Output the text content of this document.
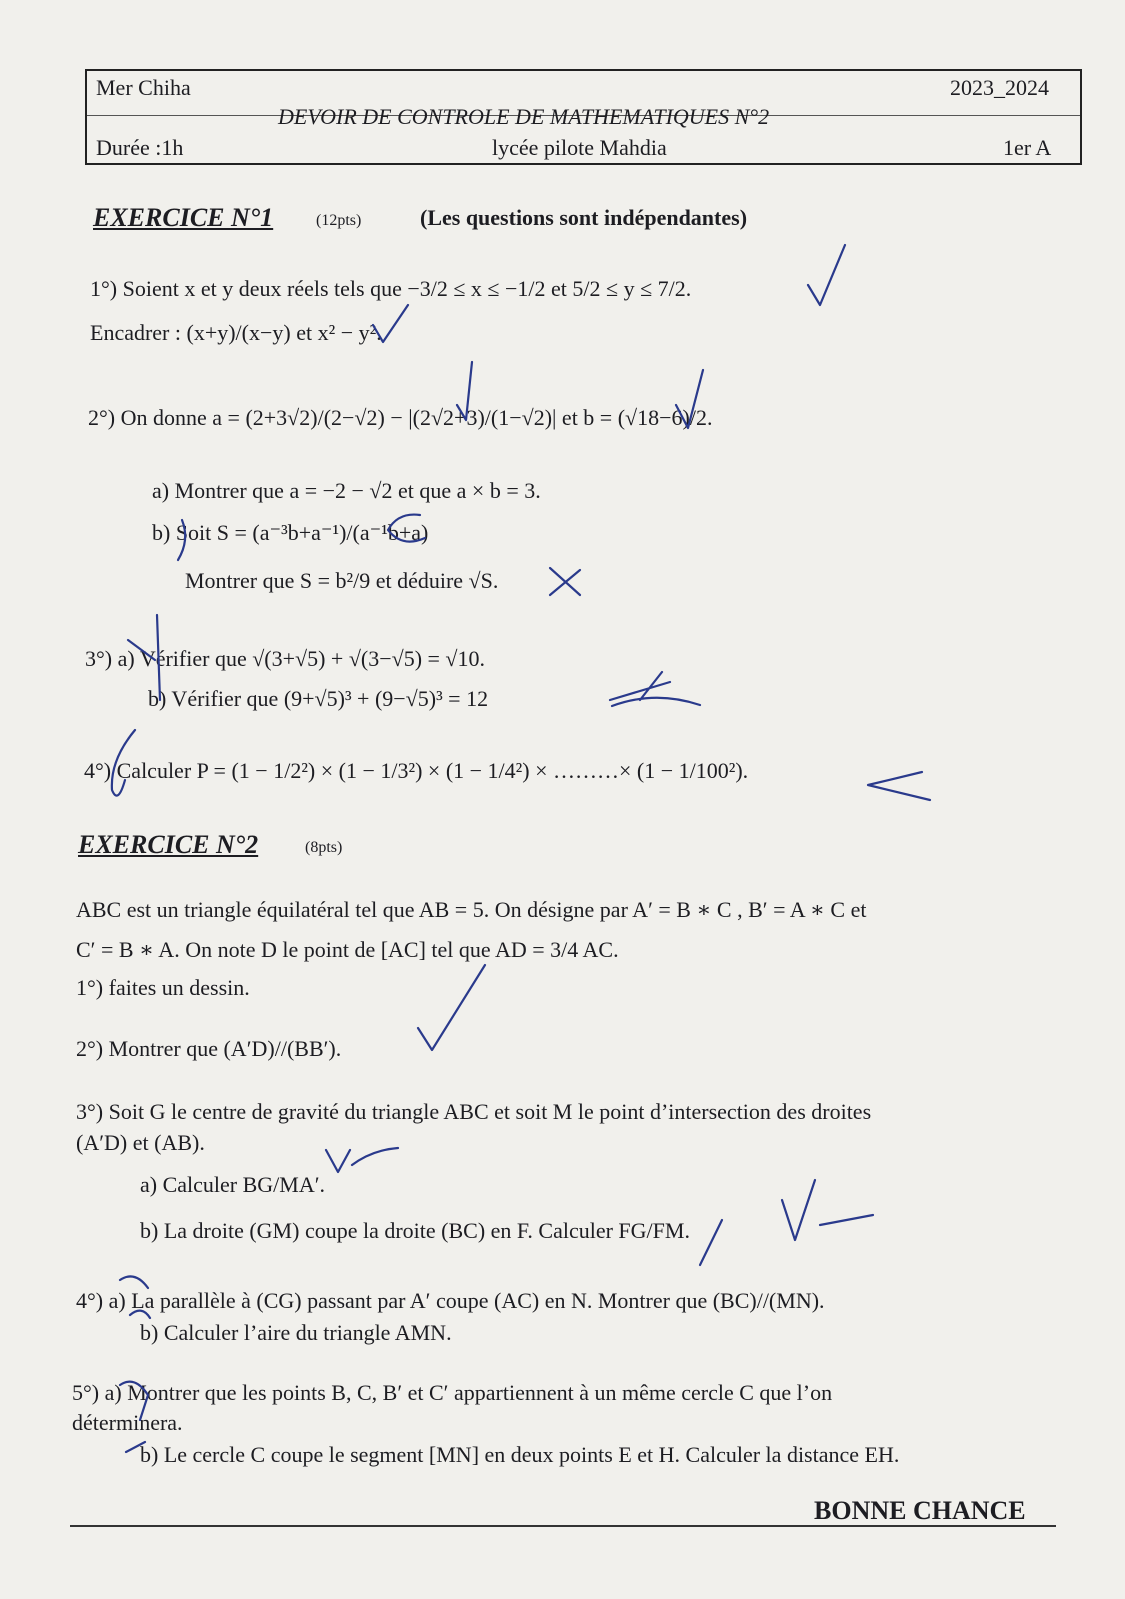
Mer Chiha	2023_2024
DEVOIR DE CONTROLE DE MATHEMATIQUES N°2
Durée :1h	lycée pilote Mahdia	1er A
EXERCICE N°1	(12pts)	(Les questions sont indépendantes)
1°) Soient x et y deux réels tels que −3/2 ≤ x ≤ −1/2 et 5/2 ≤ y ≤ 7/2.
Encadrer : (x+y)/(x−y) et x² − y².
2°) On donne a = (2+3√2)/(2−√2) − |(2√2+3)/(1−√2)| et b = (√18−6)/2.
a) Montrer que a = −2 − √2 et que a × b = 3.
b) Soit S = (a⁻³b+a⁻¹)/(a⁻¹b+a)
Montrer que S = b²/9 et déduire √S.
3°) a) Vérifier que √(3+√5) + √(3−√5) = √10.
b) Vérifier que (9+√5)³ + (9−√5)³ = 12
4°) Calculer P = (1 − 1/2²) × (1 − 1/3²) × (1 − 1/4²) × ………× (1 − 1/100²).
EXERCICE N°2	(8pts)
ABC est un triangle équilatéral tel que AB = 5. On désigne par A′ = B ∗ C , B′ = A ∗ C et
C′ = B ∗ A. On note D le point de [AC] tel que AD = 3/4 AC.
1°) faites un dessin.
2°) Montrer que (A′D)//(BB′).
3°) Soit G le centre de gravité du triangle ABC et soit M le point d’intersection des droites
(A′D) et (AB).
a) Calculer BG/MA′.
b) La droite (GM) coupe la droite (BC) en F. Calculer FG/FM.
4°) a) La parallèle à (CG) passant par A′ coupe (AC) en N. Montrer que (BC)//(MN).
b) Calculer l’aire du triangle AMN.
5°) a) Montrer que les points B, C, B′ et C′ appartiennent à un même cercle C que l’on
déterminera.
b) Le cercle C coupe le segment [MN] en deux points E et H. Calculer la distance EH.
BONNE CHANCE
